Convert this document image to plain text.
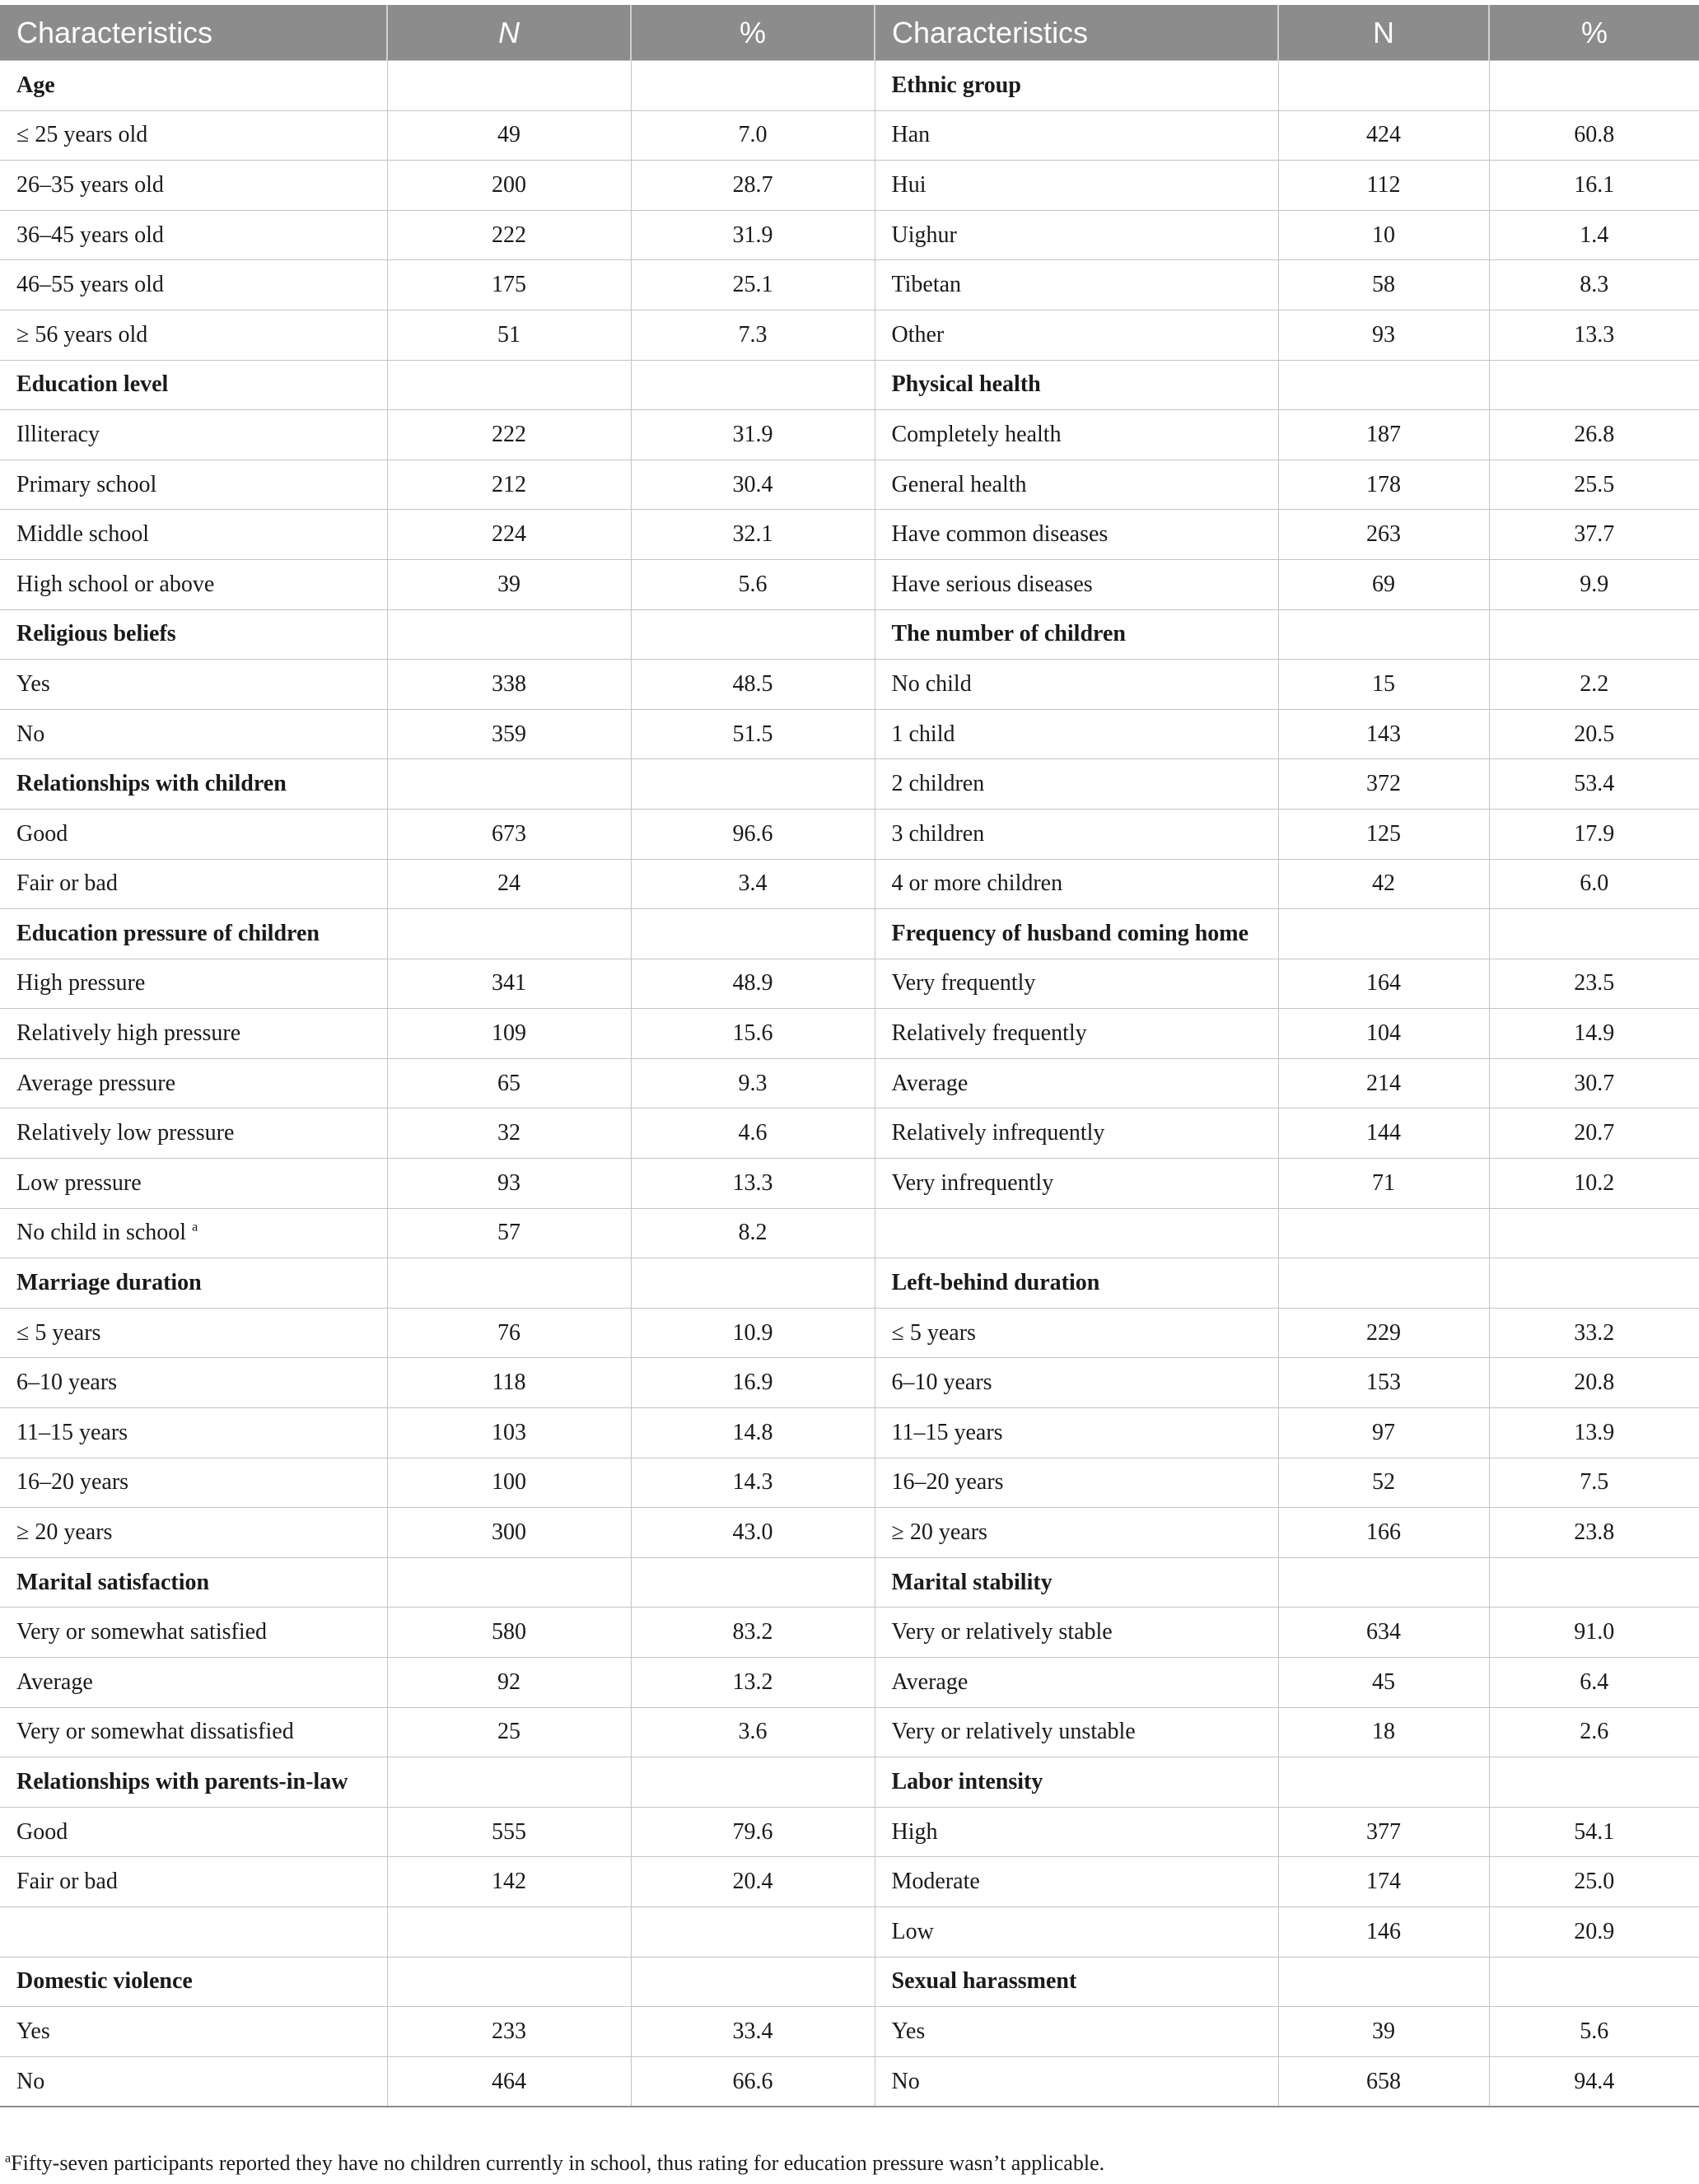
Characteristics	N	%	Characteristics	N	%
Age			Ethnic group		
≤ 25 years old	49	7.0	Han	424	60.8
26–35 years old	200	28.7	Hui	112	16.1
36–45 years old	222	31.9	Uighur	10	1.4
46–55 years old	175	25.1	Tibetan	58	8.3
≥ 56 years old	51	7.3	Other	93	13.3
Education level			Physical health		
Illiteracy	222	31.9	Completely health	187	26.8
Primary school	212	30.4	General health	178	25.5
Middle school	224	32.1	Have common diseases	263	37.7
High school or above	39	5.6	Have serious diseases	69	9.9
Religious beliefs			The number of children		
Yes	338	48.5	No child	15	2.2
No	359	51.5	1 child	143	20.5
Relationships with children			2 children	372	53.4
Good	673	96.6	3 children	125	17.9
Fair or bad	24	3.4	4 or more children	42	6.0
Education pressure of children			Frequency of husband coming home		
High pressure	341	48.9	Very frequently	164	23.5
Relatively high pressure	109	15.6	Relatively frequently	104	14.9
Average pressure	65	9.3	Average	214	30.7
Relatively low pressure	32	4.6	Relatively infrequently	144	20.7
Low pressure	93	13.3	Very infrequently	71	10.2
No child in school $^a$	57	8.2			
Marriage duration			Left-behind duration		
≤ 5 years	76	10.9	≤ 5 years	229	33.2
6–10 years	118	16.9	6–10 years	153	20.8
11–15 years	103	14.8	11–15 years	97	13.9
16–20 years	100	14.3	16–20 years	52	7.5
≥ 20 years	300	43.0	≥ 20 years	166	23.8
Marital satisfaction			Marital stability		
Very or somewhat satisfied	580	83.2	Very or relatively stable	634	91.0
Average	92	13.2	Average	45	6.4
Very or somewhat dissatisfied	25	3.6	Very or relatively unstable	18	2.6
Relationships with parents-in-law			Labor intensity		
Good	555	79.6	High	377	54.1
Fair or bad	142	20.4	Moderate	174	25.0
			Low	146	20.9
Domestic violence			Sexual harassment		
Yes	233	33.4	Yes	39	5.6
No	464	66.6	No	658	94.4
$^a$Fifty-seven participants reported they have no children currently in school, thus rating for education pressure wasn’t applicable.
